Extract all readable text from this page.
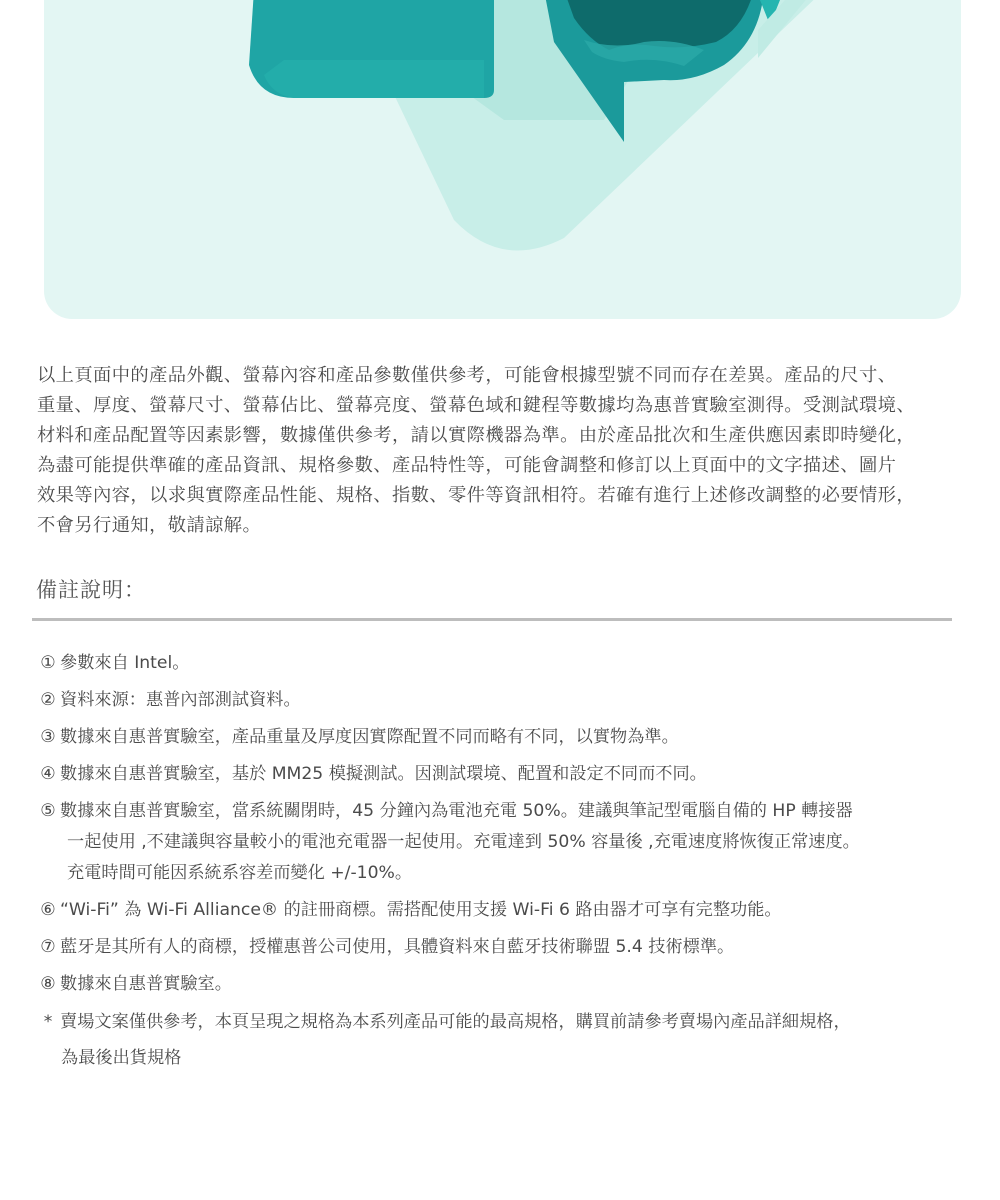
以上頁面中的產品外觀、螢幕內容和產品參數僅供參考，可能會根據型號不同而存在差異。產品的尺寸、
重量、厚度、螢幕尺寸、螢幕佔比、螢幕亮度、螢幕色域和鍵程等數據均為惠普實驗室測得。受測試環境、
材料和產品配置等因素影響，數據僅供參考，請以實際機器為準。由於產品批次和生產供應因素即時變化，
為盡可能提供準確的產品資訊、規格參數、產品特性等，可能會調整和修訂以上頁面中的文字描述、圖片
效果等內容，以求與實際產品性能、規格、指數、零件等資訊相符。若確有進行上述修改調整的必要情形，
不會另行通知，敬請諒解。
備註說明：
① 參數來自 Intel。
② 資料來源：惠普內部測試資料。
③ 數據來自惠普實驗室，產品重量及厚度因實際配置不同而略有不同，以實物為準。
④ 數據來自惠普實驗室，基於 MM25 模擬測試。因測試環境、配置和設定不同而不同。
⑤ 數據來自惠普實驗室，當系統關閉時，45 分鐘內為電池充電 50%。建議與筆記型電腦自備的 HP 轉接器
一起使用 ,不建議與容量較小的電池充電器一起使用。充電達到 50% 容量後 ,充電速度將恢復正常速度。
充電時間可能因系統系容差而變化 +/-10%。
⑥ “Wi-Fi” 為 Wi-Fi Alliance® 的註冊商標。需搭配使用支援 Wi-Fi 6 路由器才可享有完整功能。
⑦ 藍牙是其所有人的商標，授權惠普公司使用，具體資料來自藍牙技術聯盟 5.4 技術標準。
⑧ 數據來自惠普實驗室。
* 賣場文案僅供參考，本頁呈現之規格為本系列產品可能的最高規格，購買前請參考賣場內產品詳細規格，
為最後出貨規格
